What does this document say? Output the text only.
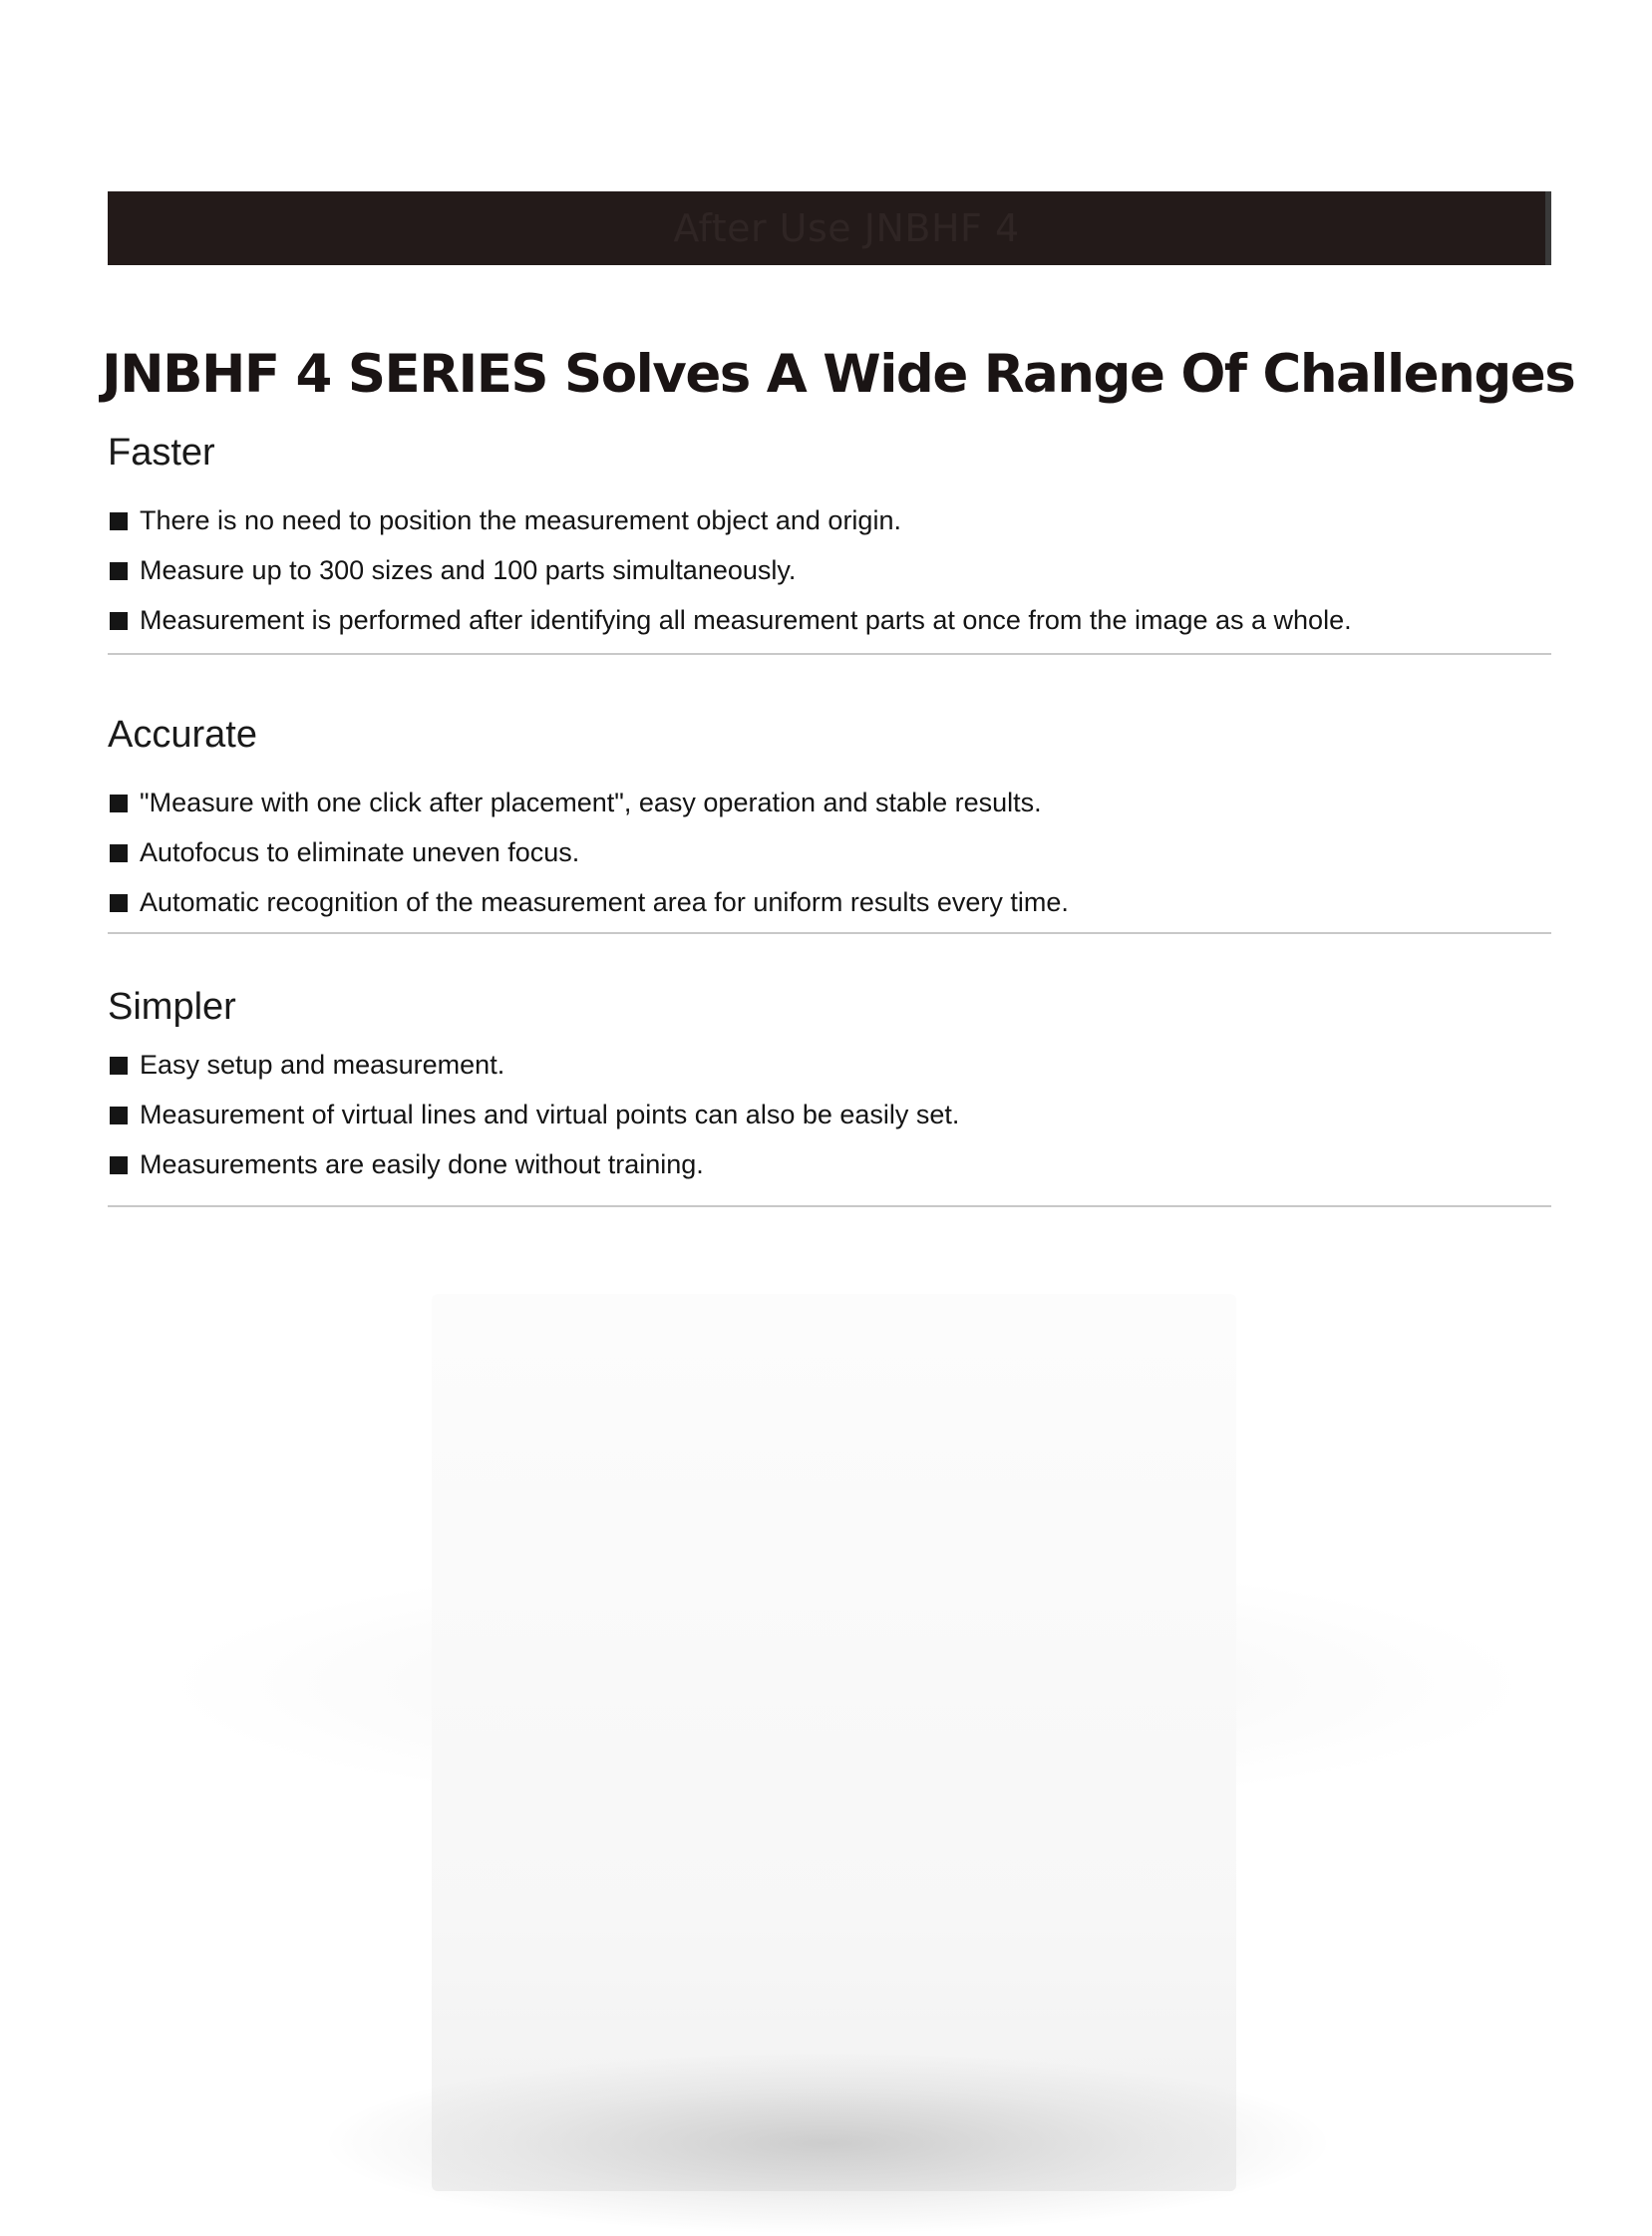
After Use JNBHF 4
JNBHF 4 SERIES Solves A Wide Range Of Challenges
Faster
There is no need to position the measurement object and origin.
Measure up to 300 sizes and 100 parts simultaneously.
Measurement is performed after identifying all measurement parts at once from the image as a whole.
Accurate
"Measure with one click after placement", easy operation and stable results.
Autofocus to eliminate uneven focus.
Automatic recognition of the measurement area for uniform results every time.
Simpler
Easy setup and measurement.
Measurement of virtual lines and virtual points can also be easily set.
Measurements are easily done without training.
